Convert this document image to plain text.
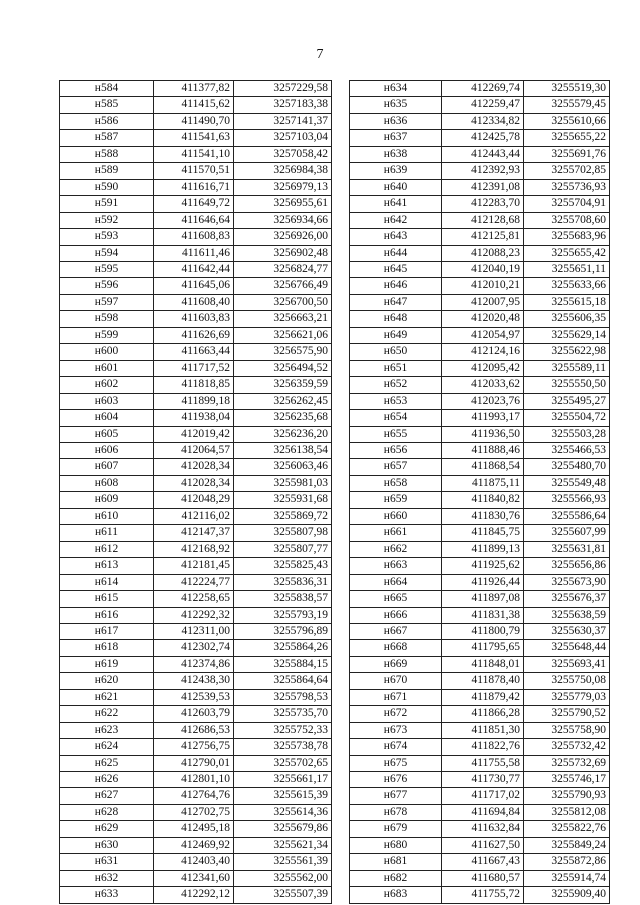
7
н584	411377,82	3257229,58
н585	411415,62	3257183,38
н586	411490,70	3257141,37
н587	411541,63	3257103,04
н588	411541,10	3257058,42
н589	411570,51	3256984,38
н590	411616,71	3256979,13
н591	411649,72	3256955,61
н592	411646,64	3256934,66
н593	411608,83	3256926,00
н594	411611,46	3256902,48
н595	411642,44	3256824,77
н596	411645,06	3256766,49
н597	411608,40	3256700,50
н598	411603,83	3256663,21
н599	411626,69	3256621,06
н600	411663,44	3256575,90
н601	411717,52	3256494,52
н602	411818,85	3256359,59
н603	411899,18	3256262,45
н604	411938,04	3256235,68
н605	412019,42	3256236,20
н606	412064,57	3256138,54
н607	412028,34	3256063,46
н608	412028,34	3255981,03
н609	412048,29	3255931,68
н610	412116,02	3255869,72
н611	412147,37	3255807,98
н612	412168,92	3255807,77
н613	412181,45	3255825,43
н614	412224,77	3255836,31
н615	412258,65	3255838,57
н616	412292,32	3255793,19
н617	412311,00	3255796,89
н618	412302,74	3255864,26
н619	412374,86	3255884,15
н620	412438,30	3255864,64
н621	412539,53	3255798,53
н622	412603,79	3255735,70
н623	412686,53	3255752,33
н624	412756,75	3255738,78
н625	412790,01	3255702,65
н626	412801,10	3255661,17
н627	412764,76	3255615,39
н628	412702,75	3255614,36
н629	412495,18	3255679,86
н630	412469,92	3255621,34
н631	412403,40	3255561,39
н632	412341,60	3255562,00
н633	412292,12	3255507,39
н634	412269,74	3255519,30
н635	412259,47	3255579,45
н636	412334,82	3255610,66
н637	412425,78	3255655,22
н638	412443,44	3255691,76
н639	412392,93	3255702,85
н640	412391,08	3255736,93
н641	412283,70	3255704,91
н642	412128,68	3255708,60
н643	412125,81	3255683,96
н644	412088,23	3255655,42
н645	412040,19	3255651,11
н646	412010,21	3255633,66
н647	412007,95	3255615,18
н648	412020,48	3255606,35
н649	412054,97	3255629,14
н650	412124,16	3255622,98
н651	412095,42	3255589,11
н652	412033,62	3255550,50
н653	412023,76	3255495,27
н654	411993,17	3255504,72
н655	411936,50	3255503,28
н656	411888,46	3255466,53
н657	411868,54	3255480,70
н658	411875,11	3255549,48
н659	411840,82	3255566,93
н660	411830,76	3255586,64
н661	411845,75	3255607,99
н662	411899,13	3255631,81
н663	411925,62	3255656,86
н664	411926,44	3255673,90
н665	411897,08	3255676,37
н666	411831,38	3255638,59
н667	411800,79	3255630,37
н668	411795,65	3255648,44
н669	411848,01	3255693,41
н670	411878,40	3255750,08
н671	411879,42	3255779,03
н672	411866,28	3255790,52
н673	411851,30	3255758,90
н674	411822,76	3255732,42
н675	411755,58	3255732,69
н676	411730,77	3255746,17
н677	411717,02	3255790,93
н678	411694,84	3255812,08
н679	411632,84	3255822,76
н680	411627,50	3255849,24
н681	411667,43	3255872,86
н682	411680,57	3255914,74
н683	411755,72	3255909,40
